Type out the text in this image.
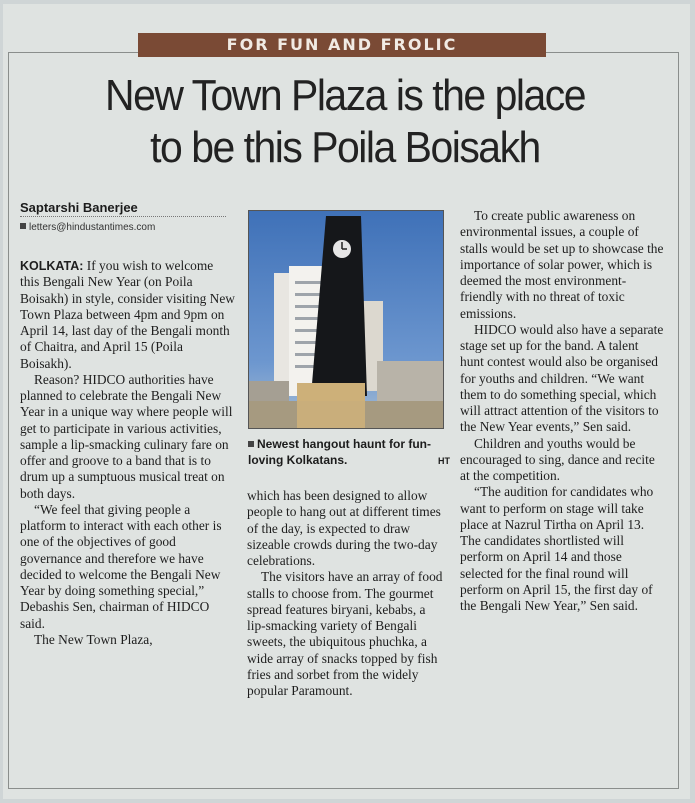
FOR FUN AND FROLIC
New Town Plaza is the place
to be this Poila Boisakh
Saptarshi Banerjee
letters@hindustantimes.com
Newest hangout haunt for fun-loving Kolkatans.	HT

KOLKATA: If you wish to welcome this Bengali New Year (on Poila Boisakh) in style, consider visiting New Town Plaza between 4pm and 9pm on April 14, last day of the Bengali month of Chaitra, and April 15 (Poila Boisakh).

Reason? HIDCO authorities have planned to celebrate the Bengali New Year in a unique way where people will get to participate in various activities, sample a lip-smacking culinary fare on offer and groove to a band that is to drum up a sumptuous musical treat on both days.

“We feel that giving people a platform to interact with each other is one of the objectives of good governance and therefore we have decided to welcome the Bengali New Year by doing something special,” Debashis Sen, chairman of HIDCO said.

The New Town Plaza,

which has been designed to allow people to hang out at different times of the day, is expected to draw sizeable crowds during the two-day celebrations.

The visitors have an array of food stalls to choose from. The gourmet spread features biryani, kebabs, a lip-smacking variety of Bengali sweets, the ubiquitous phuchka, a wide array of snacks topped by fish fries and sorbet from the widely popular Paramount.

To create public awareness on environmental issues, a couple of stalls would be set up to showcase the importance of solar power, which is deemed the most environment-friendly with no threat of toxic emissions.

HIDCO would also have a separate stage set up for the band. A talent hunt contest would also be organised for youths and children. “We want them to do something special, which will attract attention of the visitors to the New Year events,” Sen said.

Children and youths would be encouraged to sing, dance and recite at the competition.

“The audition for candidates who want to perform on stage will take place at Nazrul Tirtha on April 13. The candidates shortlisted will perform on April 14 and those selected for the final round will perform on April 15, the first day of the Bengali New Year,” Sen said.
